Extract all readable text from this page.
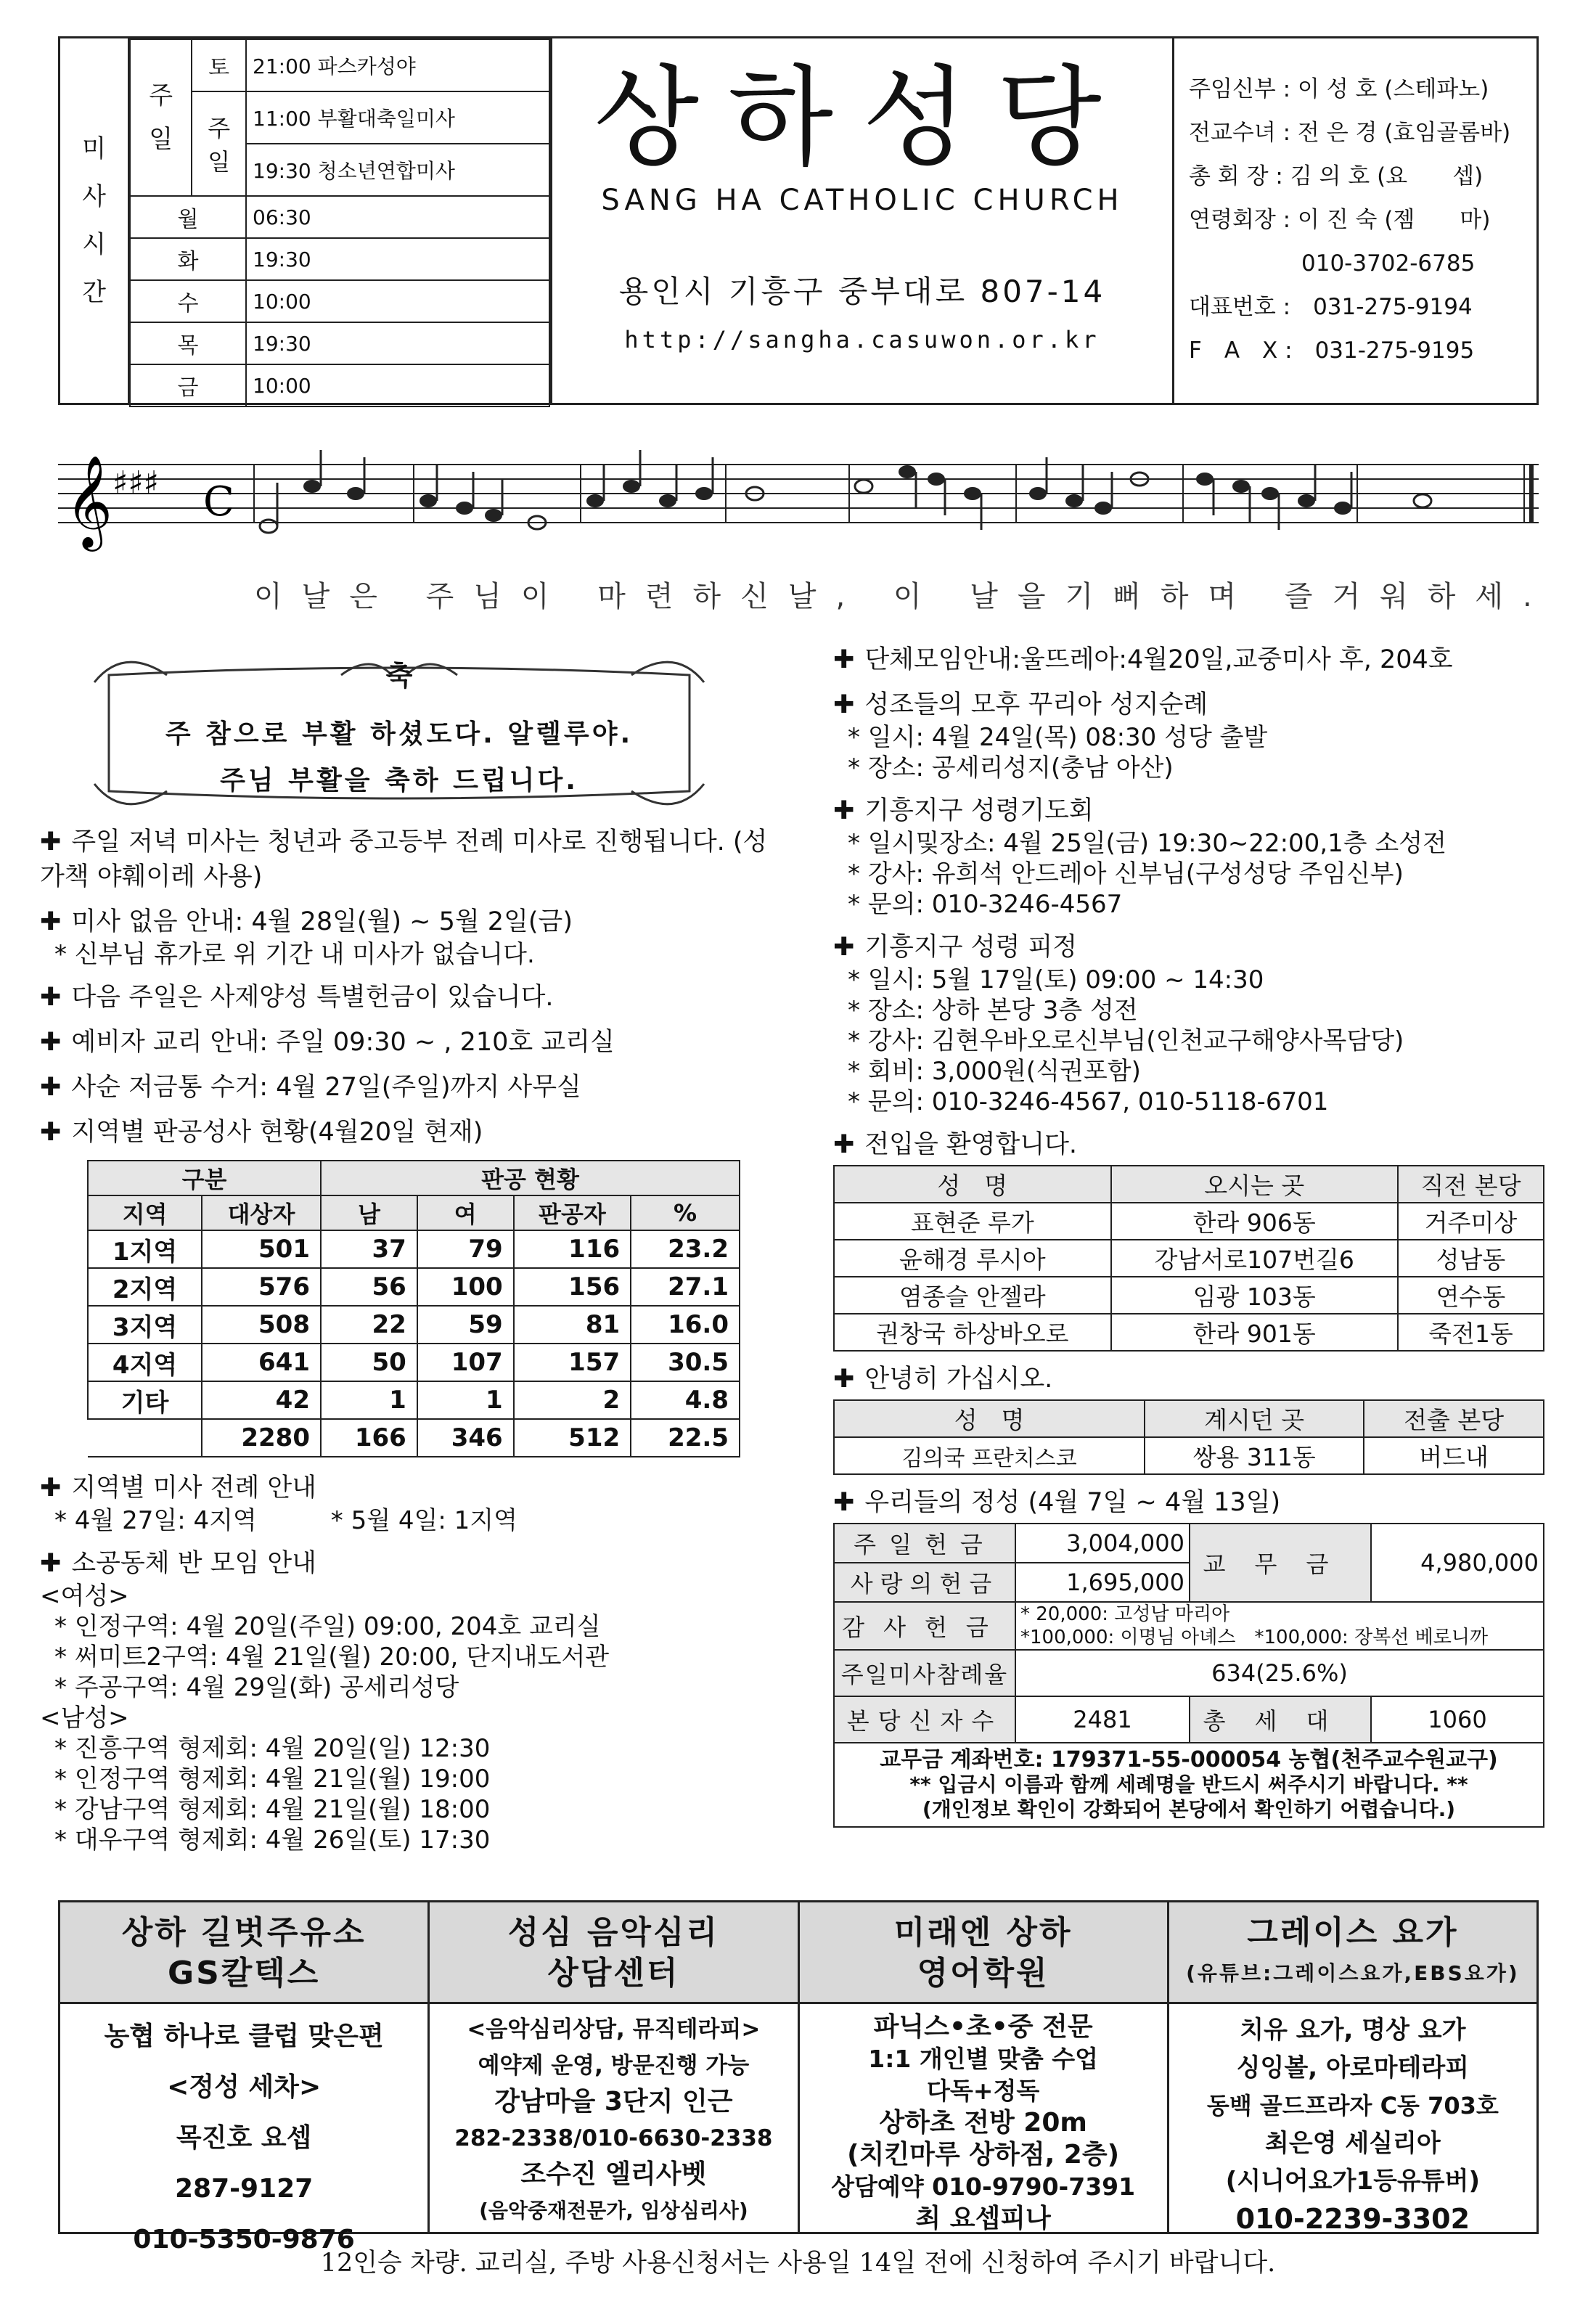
미
사
시
간
주
일	토	21:00 파스카성야
	주일	11:00 부활대축일미사
		19:30 청소년연합미사
월		06:30
화		19:30
수		10:00
목		19:30
금		10:00
상하성당
SANG HA CATHOLIC CHURCH
용인시 기흥구 중부대로 807-14
http://sangha.casuwon.or.kr
주임신부 : 이 성 호 (스테파노)
전교수녀 : 전 은 경 (효임골롬바)
총 회 장 : 김 의 호 (요　　셉)
연령회장 : 이 진 숙 (젬　　마)
　　　　　010-3702-6785
대표번호 :　031-275-9194
F　A　X :　031-275-9195
𝄞 ♯♯♯ C
이날은 주님이 마련하신날, 이 날을기뻐하며 즐거워하세.
축
주 참으로 부활 하셨도다. 알렐루야.
주님 부활을 축하 드립니다.
✚ 주일 저녁 미사는 청년과 중고등부 전례 미사로 진행됩니다. (성가책 야훼이레 사용)
✚ 미사 없음 안내: 4월 28일(월) ~ 5월 2일(금)
* 신부님 휴가로 위 기간 내 미사가 없습니다.
✚ 다음 주일은 사제양성 특별헌금이 있습니다.
✚ 예비자 교리 안내: 주일 09:30 ~ , 210호 교리실
✚ 사순 저금통 수거: 4월 27일(주일)까지 사무실
✚ 지역별 판공성사 현황(4월20일 현재)
구분		판공 현황			
지역	대상자	남	여	판공자	%
1지역	501	37	79	116	23.2
2지역	576	56	100	156	27.1
3지역	508	22	59	81	16.0
4지역	641	50	107	157	30.5
기타	42	1	1	2	4.8
	2280	166	346	512	22.5
✚ 지역별 미사 전례 안내
* 4월 27일: 4지역　　　* 5월 4일: 1지역
✚ 소공동체 반 모임 안내
<여성>
* 인정구역: 4월 20일(주일) 09:00, 204호 교리실
* 써미트2구역: 4월 21일(월) 20:00, 단지내도서관
* 주공구역: 4월 29일(화) 공세리성당
<남성>
* 진흥구역 형제회: 4월 20일(일) 12:30
* 인정구역 형제회: 4월 21일(월) 19:00
* 강남구역 형제회: 4월 21일(월) 18:00
* 대우구역 형제회: 4월 26일(토) 17:30
✚ 단체모임안내:울뜨레아:4월20일,교중미사 후, 204호
✚ 성조들의 모후 꾸리아 성지순례
* 일시: 4월 24일(목) 08:30 성당 출발
* 장소: 공세리성지(충남 아산)
✚ 기흥지구 성령기도회
* 일시및장소: 4월 25일(금) 19:30~22:00,1층 소성전
* 강사: 유희석 안드레아 신부님(구성성당 주임신부)
* 문의: 010-3246-4567
✚ 기흥지구 성령 피정
* 일시: 5월 17일(토) 09:00 ~ 14:30
* 장소: 상하 본당 3층 성전
* 강사: 김현우바오로신부님(인천교구해양사목담당)
* 회비: 3,000원(식권포함)
* 문의: 010-3246-4567, 010-5118-6701
✚ 전입을 환영합니다.
성　명	오시는 곳	직전 본당
표현준 루가	한라 906동	거주미상
윤해경 루시아	강남서로107번길6	성남동
염종슬 안젤라	임광 103동	연수동
권창국 하상바오로	한라 901동	죽전1동
✚ 안녕히 가십시오.
성　명	계시던 곳	전출 본당
김의국 프란치스코	쌍용 311동	버드내
✚ 우리들의 정성 (4월 7일 ~ 4월 13일)
주일헌금	3,004,000	교무금	4,980,000
사랑의헌금	1,695,000		
감사헌금	* 20,000: 고성남 마리아
*100,000: 이명님 아녜스　*100,000: 장복선 베로니까		

주일미사참례율	634(25.6%)		
본당신자수	2481	총세대	1060
교무금 계좌번호: 179371-55-000054 농협(천주교수원교구)
** 입금시 이름과 함께 세례명을 반드시 써주시기 바랍니다. **
(개인정보 확인이 강화되어 본당에서 확인하기 어렵습니다.)
상하 길벗주유소
GS칼텍스
농협 하나로 클럽 맞은편
<정성 세차>
목진호 요셉
287-9127
010-5350-9876
성심 음악심리
상담센터
<음악심리상담, 뮤직테라피>
예약제 운영, 방문진행 가능
강남마을 3단지 인근
282-2338/010-6630-2338
조수진 엘리사벳
(음악중재전문가, 임상심리사)
미래엔 상하
영어학원
파닉스•초•중 전문
1:1 개인별 맞춤 수업
다독+정독
상하초 전방 20m
(치킨마루 상하점, 2층)
상담예약 010-9790-7391
최 요셉피나
그레이스 요가
(유튜브:그레이스요가,EBS요가)
치유 요가, 명상 요가
싱잉볼, 아로마테라피
동백 골드프라자 C동 703호
최은영 세실리아
(시니어요가1등유튜버)
010-2239-3302
12인승 차량. 교리실, 주방 사용신청서는 사용일 14일 전에 신청하여 주시기 바랍니다.
